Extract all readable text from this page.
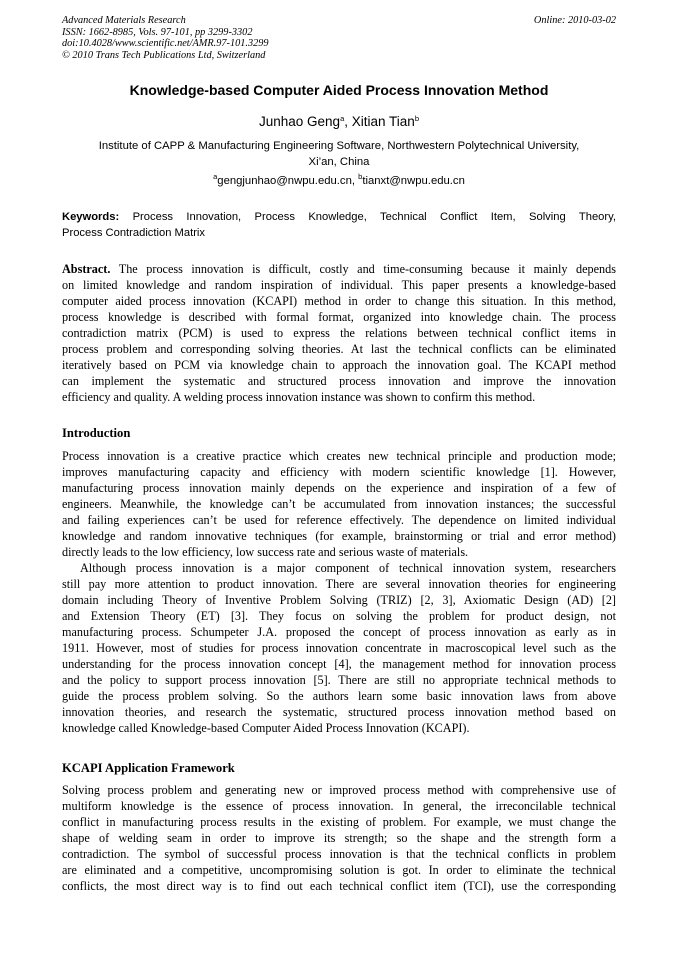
Advanced Materials Research
ISSN: 1662-8985, Vols. 97-101, pp 3299-3302
doi:10.4028/www.scientific.net/AMR.97-101.3299
© 2010 Trans Tech Publications Ltd, Switzerland
Online: 2010-03-02
Knowledge-based Computer Aided Process Innovation Method
Junhao Geng$^a$, Xitian Tian$^b$
Institute of CAPP & Manufacturing Engineering Software, Northwestern Polytechnical University,
Xi’an, China
$^a$gengjunhao@nwpu.edu.cn, $^b$tianxt@nwpu.edu.cn
Keywords: Process Innovation, Process Knowledge, Technical Conflict Item, Solving Theory,
Process Contradiction Matrix
Abstract. The process innovation is difficult, costly and time-consuming because it mainly depends
on limited knowledge and random inspiration of individual. This paper presents a knowledge-based
computer aided process innovation (KCAPI) method in order to change this situation. In this method,
process knowledge is described with formal format, organized into knowledge chain. The process
contradiction matrix (PCM) is used to express the relations between technical conflict items in
process problem and corresponding solving theories. At last the technical conflicts can be eliminated
iteratively based on PCM via knowledge chain to approach the innovation goal. The KCAPI method
can implement the systematic and structured process innovation and improve the innovation
efficiency and quality. A welding process innovation instance was shown to confirm this method.
Introduction
Process innovation is a creative practice which creates new technical principle and production mode;
improves manufacturing capacity and efficiency with modern scientific knowledge [1]. However,
manufacturing process innovation mainly depends on the experience and inspiration of a few of
engineers. Meanwhile, the knowledge can’t be accumulated from innovation instances; the successful
and failing experiences can’t be used for reference effectively. The dependence on limited individual
knowledge and random innovative techniques (for example, brainstorming or trial and error method)
directly leads to the low efficiency, low success rate and serious waste of materials.
Although process innovation is a major component of technical innovation system, researchers
still pay more attention to product innovation. There are several innovation theories for engineering
domain including Theory of Inventive Problem Solving (TRIZ) [2, 3], Axiomatic Design (AD) [2]
and Extension Theory (ET) [3]. They focus on solving the problem for product design, not
manufacturing process. Schumpeter J.A. proposed the concept of process innovation as early as in
1911. However, most of studies for process innovation concentrate in macroscopical level such as the
understanding for the process innovation concept [4], the management method for innovation process
and the policy to support process innovation [5]. There are still no appropriate technical methods to
guide the process problem solving. So the authors learn some basic innovation laws from above
innovation theories, and research the systematic, structured process innovation method based on
knowledge called Knowledge-based Computer Aided Process Innovation (KCAPI).
KCAPI Application Framework
Solving process problem and generating new or improved process method with comprehensive use of
multiform knowledge is the essence of process innovation. In general, the irreconcilable technical
conflict in manufacturing process results in the existing of problem. For example, we must change the
shape of welding seam in order to improve its strength; so the shape and the strength form a
contradiction. The symbol of successful process innovation is that the technical conflicts in problem
are eliminated and a competitive, uncompromising solution is got. In order to eliminate the technical
conflicts, the most direct way is to find out each technical conflict item (TCI), use the corresponding
